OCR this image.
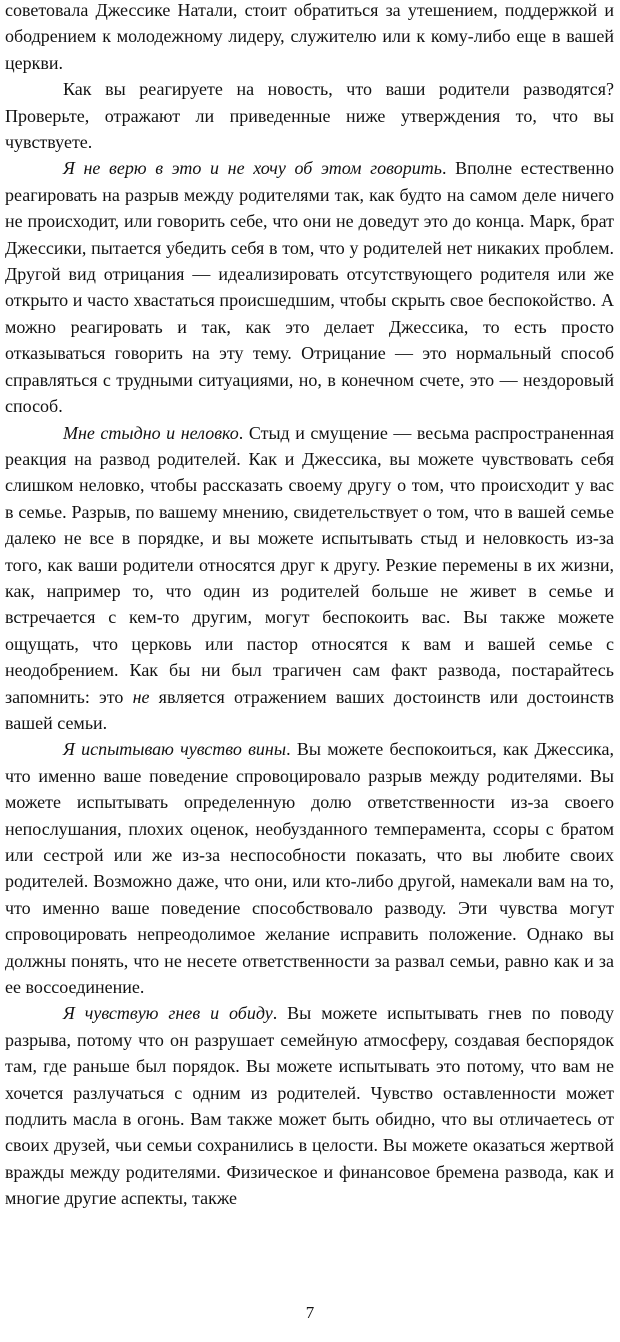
советовала Джессике Натали, стоит обратиться за утешением, поддержкой и ободрением к молодежному лидеру, служителю или к кому-либо еще в вашей церкви.

Как вы реагируете на новость, что ваши родители разводятся? Проверьте, отражают ли приведенные ниже утверждения то, что вы чувствуете.

Я не верю в это и не хочу об этом говорить. Вполне естественно реагировать на разрыв между родителями так, как будто на самом деле ничего не происходит, или говорить себе, что они не доведут это до конца. Марк, брат Джессики, пытается убедить себя в том, что у родителей нет никаких проблем. Другой вид отрицания — идеализировать отсутствующего родителя или же открыто и часто хвастаться происшедшим, чтобы скрыть свое беспокойство. А можно реагировать и так, как это делает Джессика, то есть просто отказываться говорить на эту тему. Отрицание — это нормальный способ справляться с трудными ситуациями, но, в конечном счете, это — нездоровый способ.

Мне стыдно и неловко. Стыд и смущение — весьма распространенная реакция на развод родителей. Как и Джессика, вы можете чувствовать себя слишком неловко, чтобы рассказать своему другу о том, что происходит у вас в семье. Разрыв, по вашему мнению, свидетельствует о том, что в вашей семье далеко не все в порядке, и вы можете испытывать стыд и неловкость из-за того, как ваши родители относятся друг к другу. Резкие перемены в их жизни, как, например то, что один из родителей больше не живет в семье и встречается с кем-то другим, могут беспокоить вас. Вы также можете ощущать, что церковь или пастор относятся к вам и вашей семье с неодобрением. Как бы ни был трагичен сам факт развода, постарайтесь запомнить: это не является отражением ваших достоинств или достоинств вашей семьи.

Я испытываю чувство вины. Вы можете беспокоиться, как Джессика, что именно ваше поведение спровоцировало разрыв между родителями. Вы можете испытывать определенную долю ответственности из-за своего непослушания, плохих оценок, необузданного темперамента, ссоры с братом или сестрой или же из-за неспособности показать, что вы любите своих родителей. Возможно даже, что они, или кто-либо другой, намекали вам на то, что именно ваше поведение способствовало разводу. Эти чувства могут спровоцировать непреодолимое желание исправить положение. Однако вы должны понять, что не несете ответственности за развал семьи, равно как и за ее воссоединение.

Я чувствую гнев и обиду. Вы можете испытывать гнев по поводу разрыва, потому что он разрушает семейную атмосферу, создавая беспорядок там, где раньше был порядок. Вы можете испытывать это потому, что вам не хочется разлучаться с одним из родителей. Чувство оставленности может подлить масла в огонь. Вам также может быть обидно, что вы отличаетесь от своих друзей, чьи семьи сохранились в целости. Вы можете оказаться жертвой вражды между родителями. Физическое и финансовое бремена развода, как и многие другие аспекты, также

7
